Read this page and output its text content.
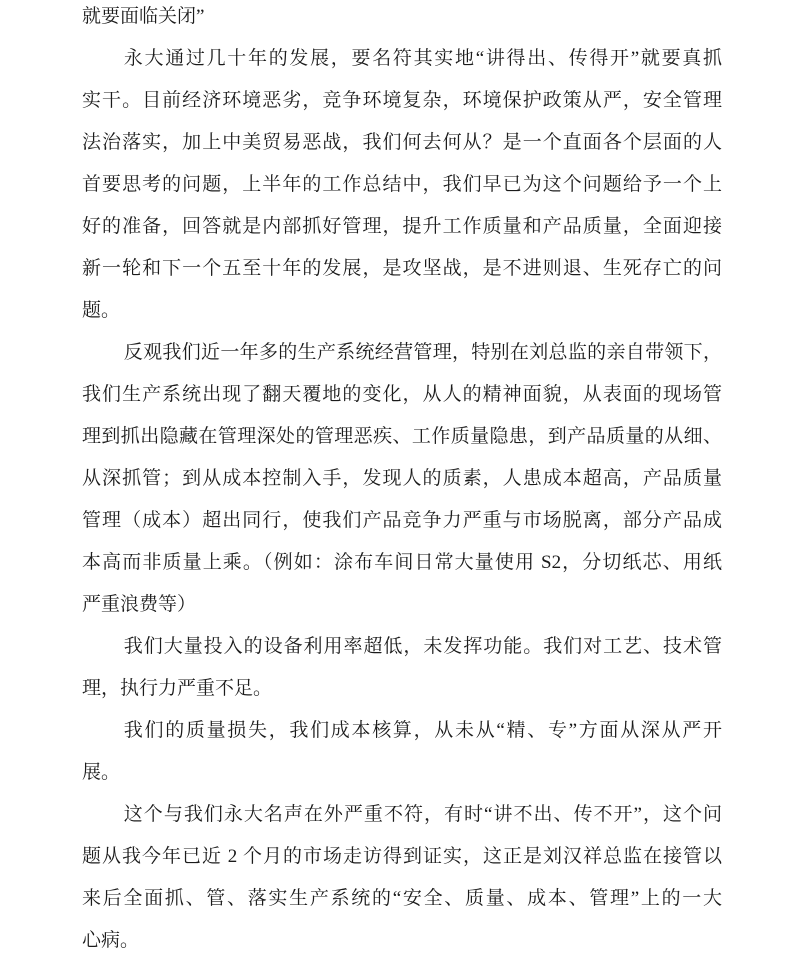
就要面临关闭”
永大通过几十年的发展，要名符其实地“讲得出、传得开”就要真抓
实干。目前经济环境恶劣，竞争环境复杂，环境保护政策从严，安全管理
法治落实，加上中美贸易恶战，我们何去何从？是一个直面各个层面的人
首要思考的问题，上半年的工作总结中，我们早已为这个问题给予一个上
好的准备，回答就是内部抓好管理，提升工作质量和产品质量，全面迎接
新一轮和下一个五至十年的发展，是攻坚战，是不进则退、生死存亡的问
题。
反观我们近一年多的生产系统经营管理，特别在刘总监的亲自带领下，
我们生产系统出现了翻天覆地的变化，从人的精神面貌，从表面的现场管
理到抓出隐藏在管理深处的管理恶疾、工作质量隐患，到产品质量的从细、
从深抓管；到从成本控制入手，发现人的质素，人患成本超高，产品质量
管理（成本）超出同行，使我们产品竞争力严重与市场脱离，部分产品成
本高而非质量上乘。（例如：涂布车间日常大量使用 S2，分切纸芯、用纸
严重浪费等）
我们大量投入的设备利用率超低，未发挥功能。我们对工艺、技术管
理，执行力严重不足。
我们的质量损失，我们成本核算，从未从“精、专”方面从深从严开
展。
这个与我们永大名声在外严重不符，有时“讲不出、传不开”，这个问
题从我今年已近 2 个月的市场走访得到证实，这正是刘汉祥总监在接管以
来后全面抓、管、落实生产系统的“安全、质量、成本、管理”上的一大
心病。
